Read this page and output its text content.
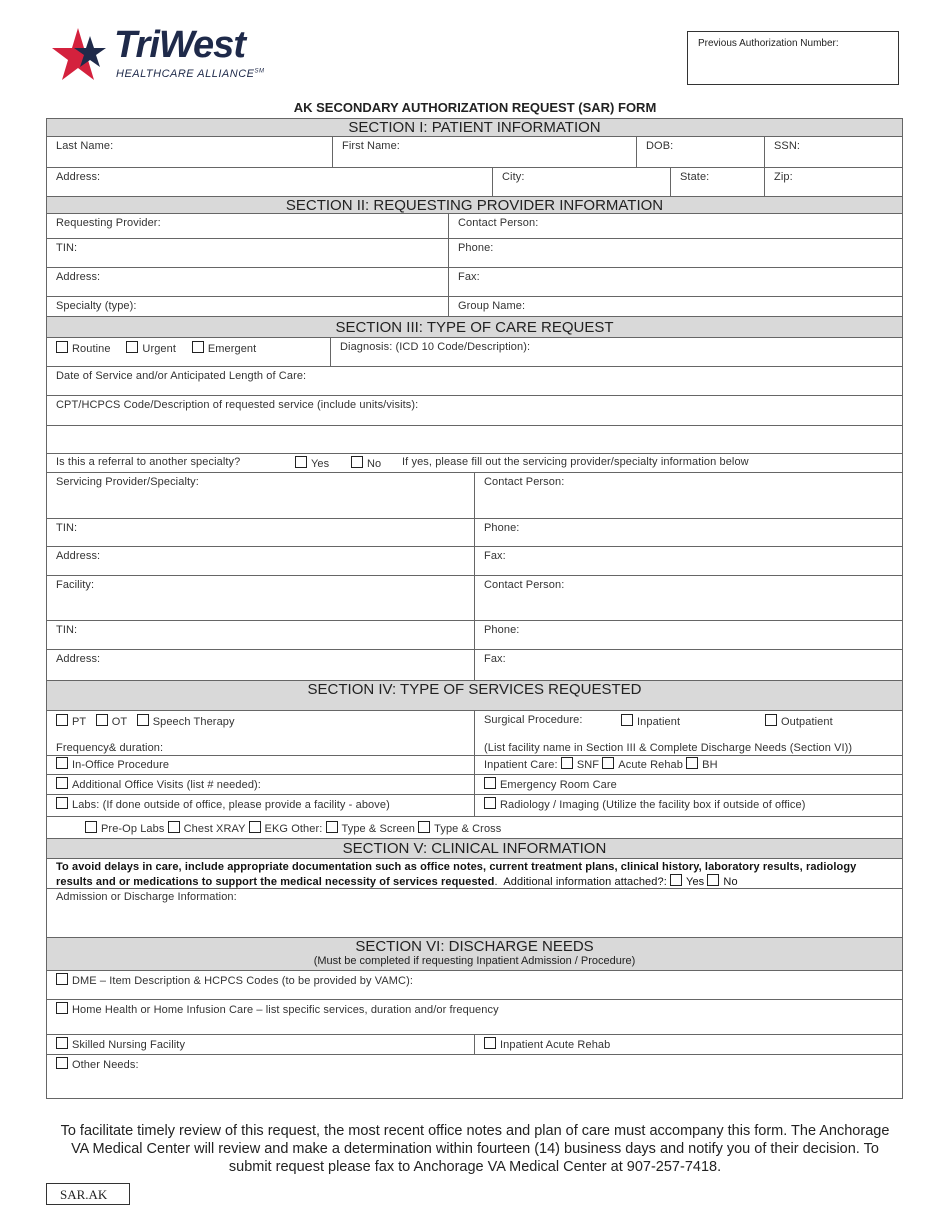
TriWest
HEALTHCARE ALLIANCE℠
Previous Authorization Number:
AK SECONDARY AUTHORIZATION REQUEST (SAR) FORM
SECTION I: PATIENT INFORMATION
Last Name:	First Name:	DOB:	SSN:
Address:	City:	State:	Zip:
SECTION II: REQUESTING PROVIDER INFORMATION
Requesting Provider:	Contact Person:
TIN:	Phone:
Address:	Fax:
Specialty (type):	Group Name:
SECTION III: TYPE OF CARE REQUEST
Routine	Urgent	Emergent	Diagnosis: (ICD 10 Code/Description):
Date of Service and/or Anticipated Length of Care:
CPT/HCPCS Code/Description of requested service (include units/visits):
Is this a referral to another specialty?	Yes	No If yes, please fill out the servicing provider/specialty information below
Servicing Provider/Specialty:	Contact Person:
TIN:	Phone:
Address:	Fax:
Facility:	Contact Person:
TIN:	Phone:
Address:	Fax:
SECTION IV: TYPE OF SERVICES REQUESTED
PT OT Speech Therapy
Frequency& duration:
Surgical Procedure:	Inpatient	Outpatient
(List facility name in Section III & Complete Discharge Needs (Section VI))
In-Office Procedure	Inpatient Care: SNF Acute Rehab BH
Additional Office Visits (list # needed):	Emergency Room Care
Labs: (If done outside of office, please provide a facility - above)	Radiology / Imaging (Utilize the facility box if outside of office)
Pre-Op Labs Chest XRAY EKG Other: Type & Screen Type & Cross
SECTION V: CLINICAL INFORMATION
To avoid delays in care, include appropriate documentation such as office notes, current treatment plans, clinical history, laboratory results, radiology results and or medications to support the medical necessity of services requested.  Additional information attached?: Yes No
Admission or Discharge Information:
SECTION VI: DISCHARGE NEEDS
(Must be completed if requesting Inpatient Admission / Procedure)
DME – Item Description & HCPCS Codes (to be provided by VAMC):
Home Health or Home Infusion Care – list specific services, duration and/or frequency
Skilled Nursing Facility	Inpatient Acute Rehab
Other Needs:
To facilitate timely review of this request, the most recent office notes and plan of care must accompany this form. The Anchorage VA Medical Center will review and make a determination within fourteen (14) business days and notify you of their decision. To submit request please fax to Anchorage VA Medical Center at 907-257-7418.
SAR.AK
